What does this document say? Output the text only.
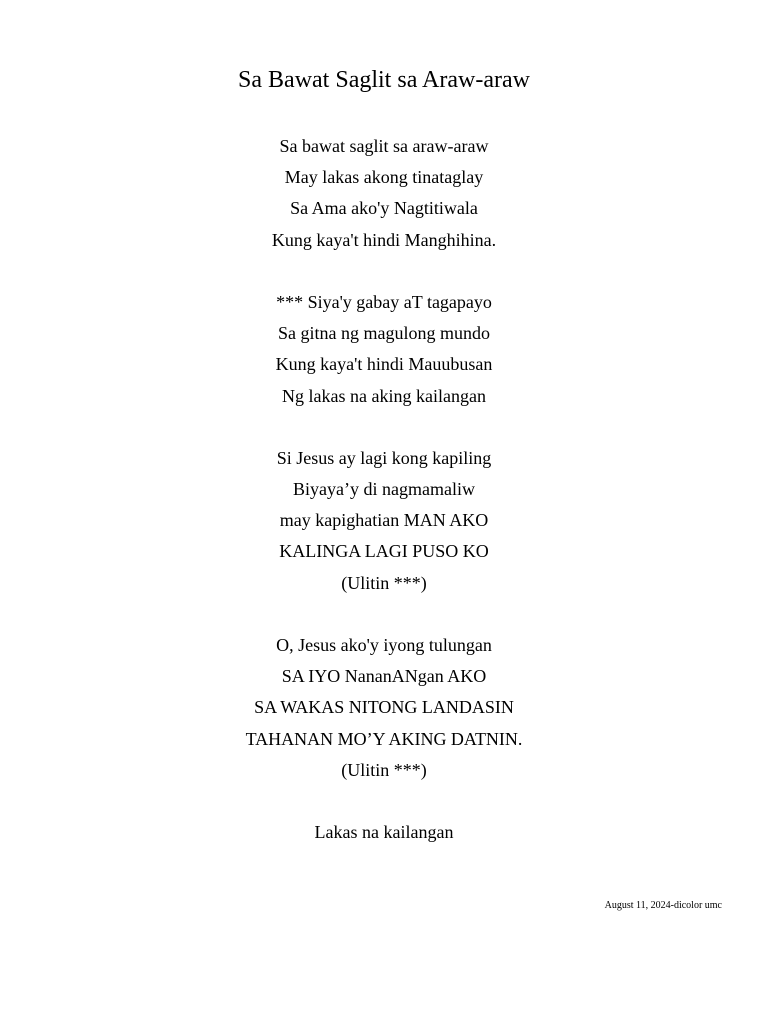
Sa Bawat Saglit sa Araw-araw
Sa bawat saglit sa araw-araw
May lakas akong tinataglay
Sa Ama ako'y Nagtitiwala
Kung kaya't hindi Manghihina.
*** Siya'y gabay aT tagapayo
Sa gitna ng magulong mundo
Kung kaya't hindi Mauubusan
Ng lakas na aking kailangan
Si Jesus ay lagi kong kapiling
Biyaya’y di nagmamaliw
may kapighatian MAN AKO
KALINGA LAGI PUSO KO
(Ulitin ***)
O, Jesus ako'y iyong tulungan
SA IYO NananANgan AKO
SA WAKAS NITONG LANDASIN
TAHANAN MO’Y AKING DATNIN.
(Ulitin ***)
Lakas na kailangan
August 11, 2024-dicolor umc
